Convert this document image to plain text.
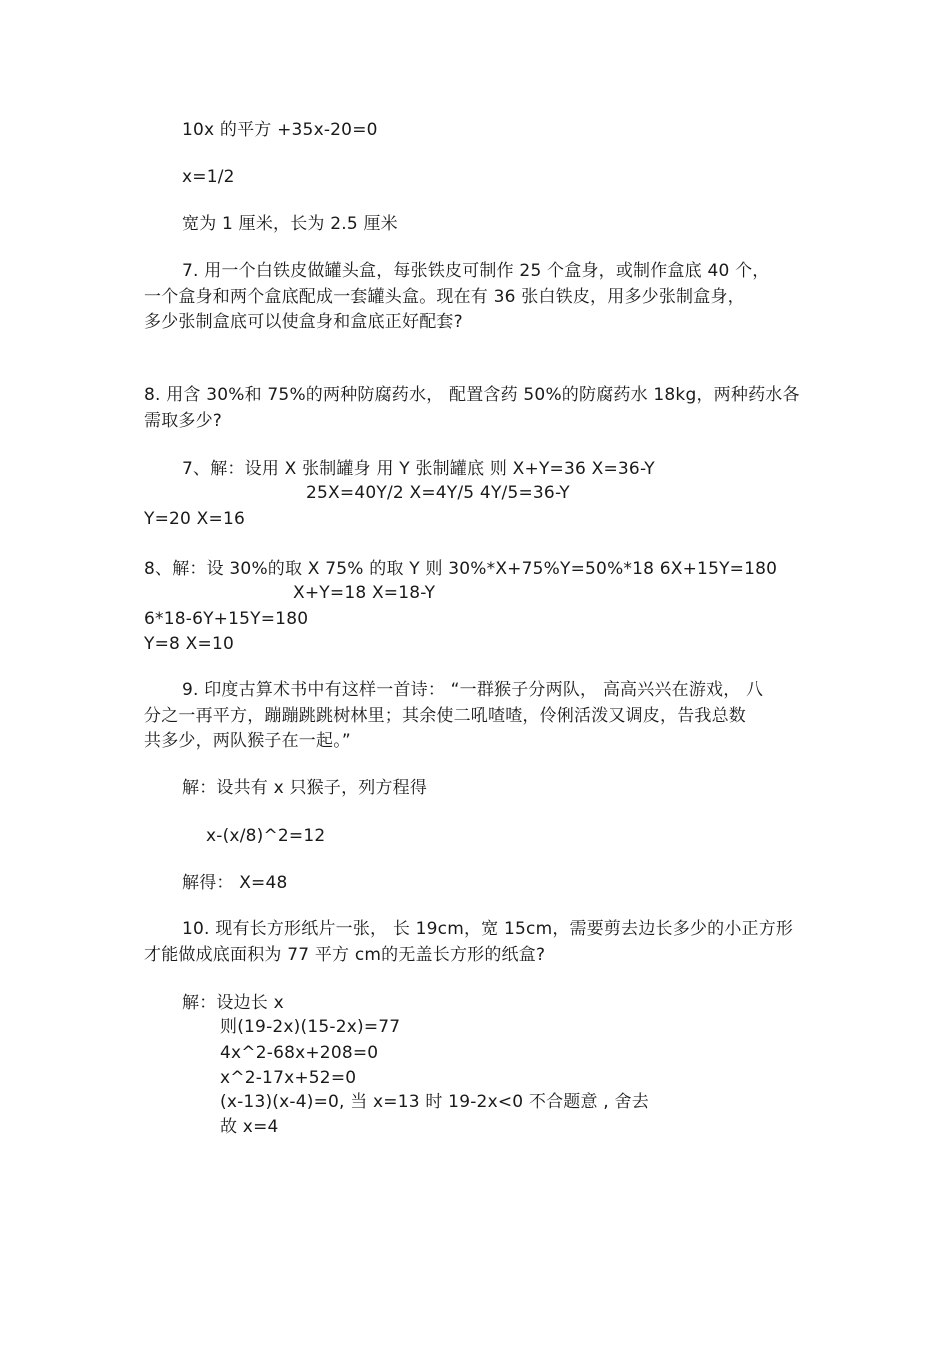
10x 的平方 +35x-20=0
x=1/2
宽为 1 厘米，长为 2.5 厘米
7. 用一个白铁皮做罐头盒，每张铁皮可制作 25 个盒身，或制作盒底 40 个，
一个盒身和两个盒底配成一套罐头盒。现在有 36 张白铁皮，用多少张制盒身，
多少张制盒底可以使盒身和盒底正好配套?
8. 用含 30%和 75%的两种防腐药水， 配置含药 50%的防腐药水 18kg，两种药水各
需取多少?
7、解：设用 X 张制罐身 用 Y 张制罐底 则 X+Y=36 X=36-Y
25X=40Y/2 X=4Y/5 4Y/5=36-Y
Y=20 X=16
8、解：设 30%的取 X 75% 的取 Y 则 30%*X+75%Y=50%*18 6X+15Y=180
X+Y=18 X=18-Y
6*18-6Y+15Y=180
Y=8 X=10
9. 印度古算术书中有这样一首诗： “一群猴子分两队， 高高兴兴在游戏， 八
分之一再平方，蹦蹦跳跳树林里；其余使二吼喳喳，伶俐活泼又调皮，告我总数
共多少，两队猴子在一起。”
解：设共有 x 只猴子，列方程得
x-(x/8)^2=12
解得： X=48
10. 现有长方形纸片一张， 长 19cm，宽 15cm，需要剪去边长多少的小正方形
才能做成底面积为 77 平方 cm的无盖长方形的纸盒?
解：设边长 x
则(19-2x)(15-2x)=77
4x^2-68x+208=0
x^2-17x+52=0
(x-13)(x-4)=0, 当 x=13 时 19-2x<0 不合题意 , 舍去
故 x=4
